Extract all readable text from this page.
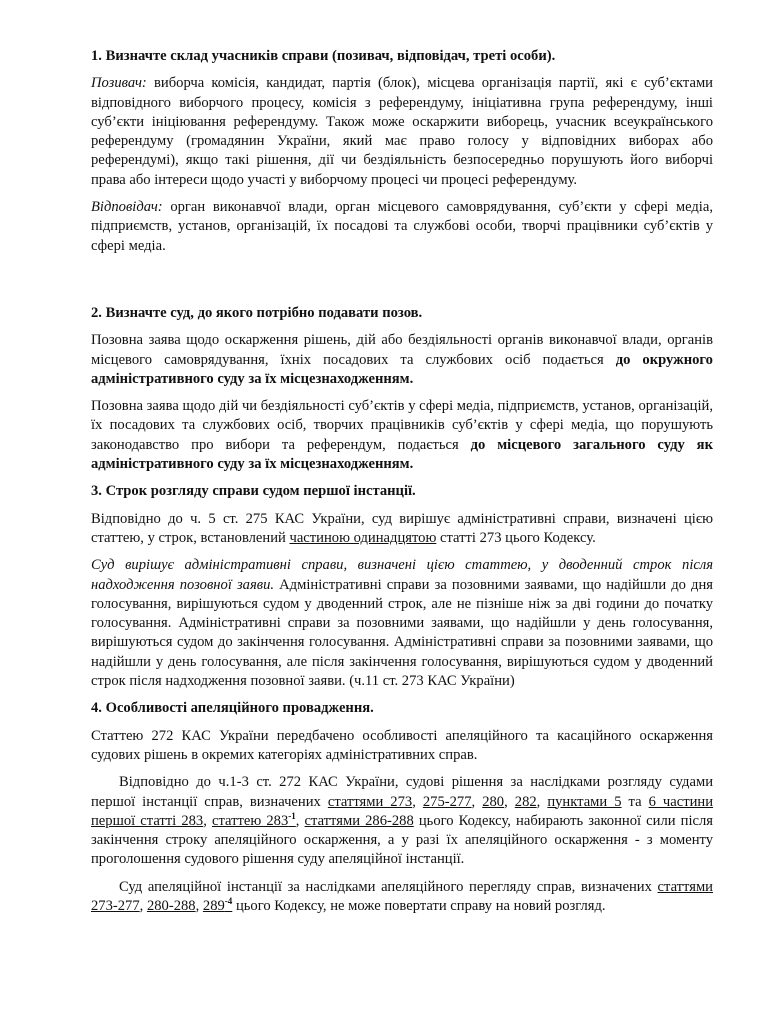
1. Визначте склад учасників справи (позивач, відповідач, треті особи).

Позивач: виборча комісія, кандидат, партія (блок), місцева організація партії, які є суб’єктами відповідного виборчого процесу, комісія з референдуму, ініціативна група референдуму, інші суб’єкти ініціювання референдуму. Також може оскаржити виборець, учасник всеукраїнського референдуму (громадянин України, який має право голосу у відповідних виборах або референдумі), якщо такі рішення, дії чи бездіяльність безпосередньо порушують його виборчі права або інтереси щодо участі у виборчому процесі чи процесі референдуму.

Відповідач: орган виконавчої влади, орган місцевого самоврядування, суб’єкти у сфері медіа, підприємств, установ, організацій, їх посадові та службові особи, творчі працівники суб’єктів у сфері медіа.

2. Визначте суд, до якого потрібно подавати позов.

Позовна заява щодо оскарження рішень, дій або бездіяльності органів виконавчої влади, органів місцевого самоврядування, їхніх посадових та службових осіб подається до окружного адміністративного суду за їх місцезнаходженням.

Позовна заява щодо дій чи бездіяльності суб’єктів у сфері медіа, підприємств, установ, організацій, їх посадових та службових осіб, творчих працівників суб’єктів у сфері медіа, що порушують законодавство про вибори та референдум, подається до місцевого загального суду як адміністративного суду за їх місцезнаходженням.

3. Строк розгляду справи судом першої інстанції.

Відповідно до ч. 5 ст. 275 КАС України, суд вирішує адміністративні справи, визначені цією статтею, у строк, встановлений частиною одинадцятою статті 273 цього Кодексу.

Суд вирішує адміністративні справи, визначені цією статтею, у дводенний строк після надходження позовної заяви. Адміністративні справи за позовними заявами, що надійшли до дня голосування, вирішуються судом у дводенний строк, але не пізніше ніж за дві години до початку голосування. Адміністративні справи за позовними заявами, що надійшли у день голосування, вирішуються судом до закінчення голосування. Адміністративні справи за позовними заявами, що надійшли у день голосування, але після закінчення голосування, вирішуються судом у дводенний строк після надходження позовної заяви. (ч.11 ст. 273 КАС України)

4. Особливості апеляційного провадження.

Статтею 272 КАС України передбачено особливості апеляційного та касаційного оскарження судових рішень в окремих категоріях адміністративних справ.

Відповідно до ч.1-3 ст. 272 КАС України, судові рішення за наслідками розгляду судами першої інстанції справ, визначених статтями 273, 275-277, 280, 282, пунктами 5 та 6 частини першої статті 283, статтею $283^{-1}$, статтями 286-288 цього Кодексу, набирають законної сили після закінчення строку апеляційного оскарження, а у разі їх апеляційного оскарження - з моменту проголошення судового рішення суду апеляційної інстанції.

Суд апеляційної інстанції за наслідками апеляційного перегляду справ, визначених статтями 273-277, 280-288, $289^{-4}$ цього Кодексу, не може повертати справу на новий розгляд.
